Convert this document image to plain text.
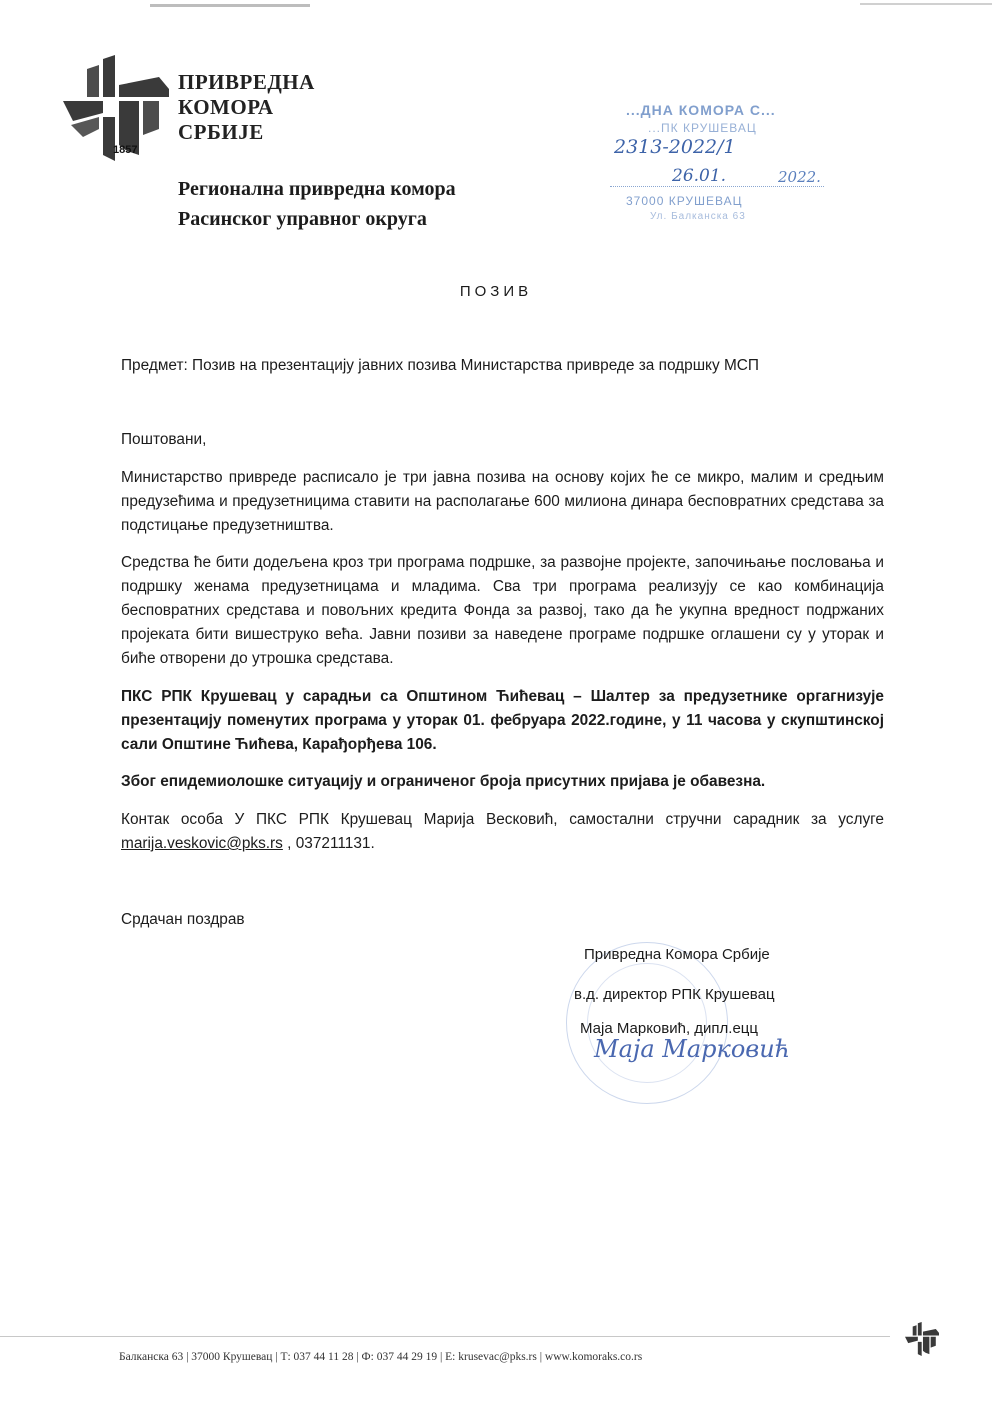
1857
ПРИВРЕДНА
КОМОРА
СРБИЈЕ
Регионална привредна комора
Расинског управног округа
...ДНА КОМОРА С...
...ПК КРУШЕВАЦ
2313-2022/1
26.01.	2022.
37000 КРУШЕВАЦ
Ул. Балканска 63
ПОЗИВ
Предмет: Позив на презентацију јавних позива Министарства привреде за подршку МСП
Поштовани,
Министарство привреде расписало је три јавна позива на основу којих ће се микро, малим и средњим предузећима и предузетницима ставити на располагање 600 милиона динара бесповратних средстава за подстицање предузетништва.
Средства ће бити додељена кроз три програма подршке, за развојне пројекте, започињање пословања и подршку женама предузетницама и младима. Сва три програма реализују се као комбинација бесповратних средстава и повољних кредита Фонда за развој, тако да ће укупна вредност подржаних пројеката бити вишеструко већа. Јавни позиви за наведене програме подршке оглашени су у уторак и биће отворени до утрошка средстава.
ПКС РПК Крушевац у сарадњи са Општином Ћићевац – Шалтер за предузетнике оргагнизује презентацију поменутих програма у уторак 01. фебруара 2022.године, у 11 часова у скупштинској сали Општине Ћићева, Карађорђева 106.
Због епидемиолошке ситуацију и ограниченог броја присутних пријава је обавезна.
Контак особа У ПКС РПК Крушевац Марија Весковић, самостални стручни сарадник за услуге marija.veskovic@pks.rs , 037211131.
Срдачан поздрав
Привредна Комора Србије
в.д. директор РПК Крушевац
Маја Марковић, дипл.ецц
Маја Марковић
Балканска 63 | 37000 Крушевац | Т: 037 44 11 28 | Ф: 037 44 29 19 | E: krusevac@pks.rs | www.komoraks.co.rs
